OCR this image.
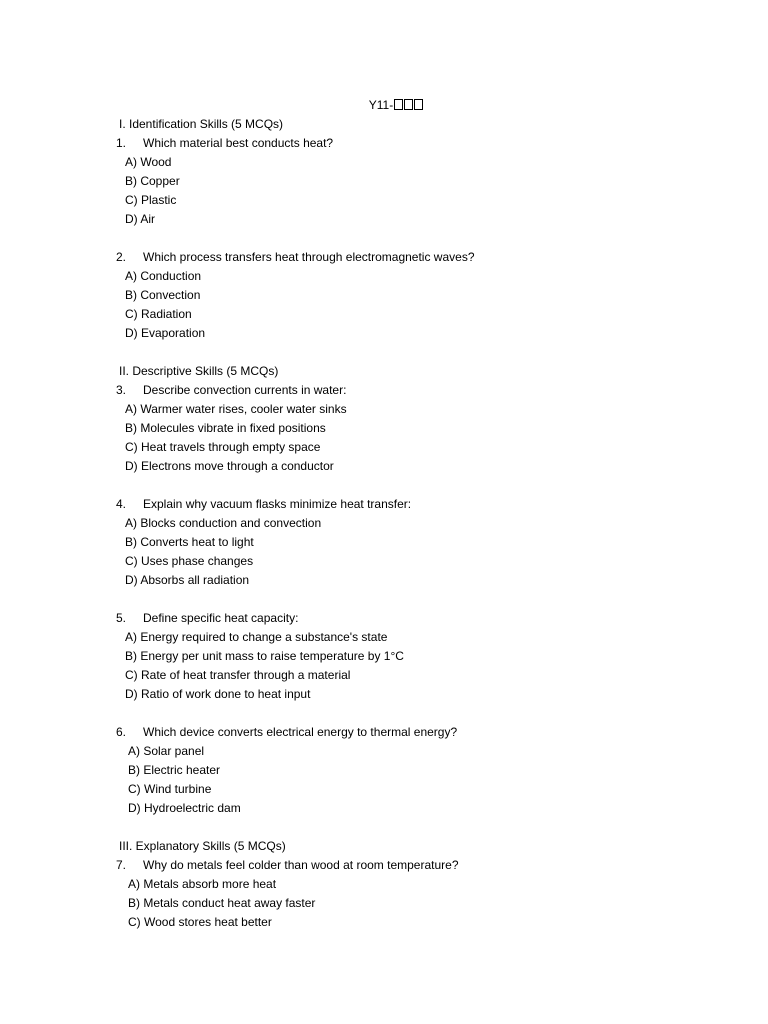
Y11-
I. Identification Skills (5 MCQs)
1. Which material best conducts heat?
A) Wood
B) Copper
C) Plastic
D) Air
2. Which process transfers heat through electromagnetic waves?
A) Conduction
B) Convection
C) Radiation
D) Evaporation
II. Descriptive Skills (5 MCQs)
3. Describe convection currents in water:
A) Warmer water rises, cooler water sinks
B) Molecules vibrate in fixed positions
C) Heat travels through empty space
D) Electrons move through a conductor
4. Explain why vacuum flasks minimize heat transfer:
A) Blocks conduction and convection
B) Converts heat to light
C) Uses phase changes
D) Absorbs all radiation
5. Define specific heat capacity:
A) Energy required to change a substance's state
B) Energy per unit mass to raise temperature by 1°C
C) Rate of heat transfer through a material
D) Ratio of work done to heat input
6. Which device converts electrical energy to thermal energy?
A) Solar panel
B) Electric heater
C) Wind turbine
D) Hydroelectric dam
III. Explanatory Skills (5 MCQs)
7. Why do metals feel colder than wood at room temperature?
A) Metals absorb more heat
B) Metals conduct heat away faster
C) Wood stores heat better
